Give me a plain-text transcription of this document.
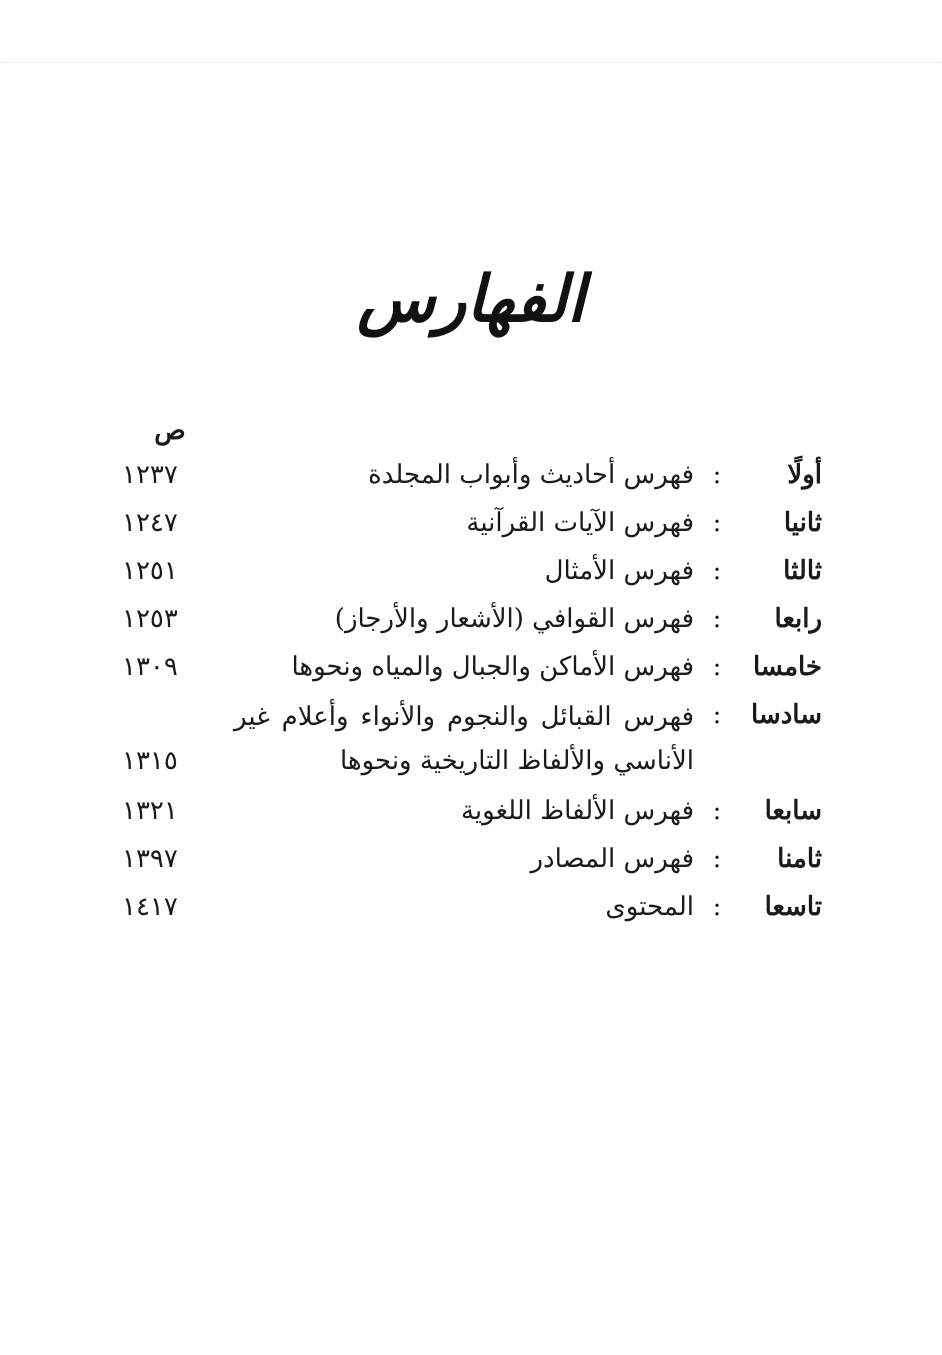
الفهارس
ص
أولًا
:
فهرس أحاديث وأبواب المجلدة
١٢٣٧
ثانيا
:
فهرس الآيات القرآنية
١٢٤٧
ثالثا
:
فهرس الأمثال
١٢٥١
رابعا
:
فهرس القوافي (الأشعار والأرجاز)
١٢٥٣
خامسا
:
فهرس الأماكن والجبال والمياه ونحوها
١٣٠٩
سادسا
:
فهرس القبائل والنجوم والأنواء وأعلام غير الأناسي والألفاظ التاريخية ونحوها
١٣١٥
سابعا
:
فهرس الألفاظ اللغوية
١٣٢١
ثامنا
:
فهرس المصادر
١٣٩٧
تاسعا
:
المحتوى
١٤١٧
